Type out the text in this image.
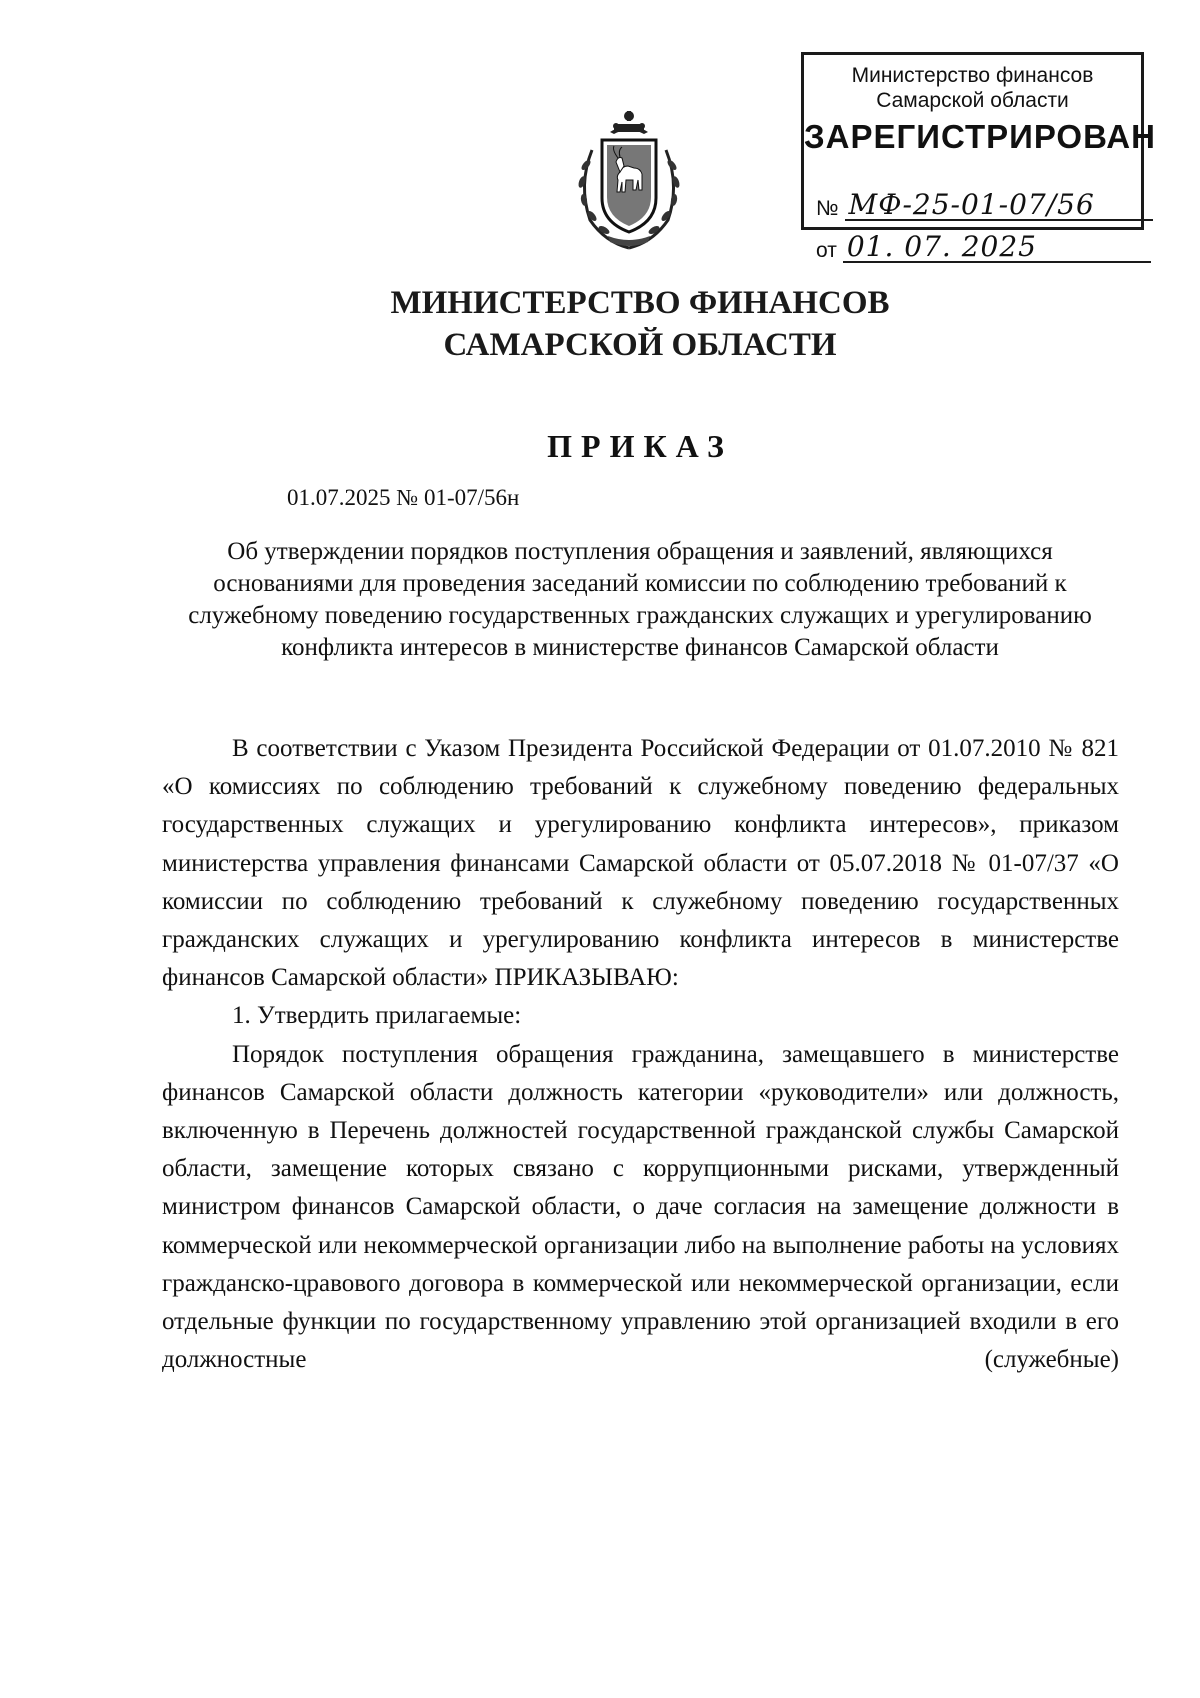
Министерство финансов
Самарской области
ЗАРЕГИСТРИРОВАН
№ МФ-25-01-07/56
от 01. 07. 2025
МИНИСТЕРСТВО ФИНАНСОВ
САМАРСКОЙ ОБЛАСТИ
ПРИКАЗ
01.07.2025 № 01-07/56н
Об утверждении порядков поступления обращения и заявлений, являющихся основаниями для проведения заседаний комиссии по соблюдению требований к служебному поведению государственных гражданских служащих и урегулированию конфликта интересов в министерстве финансов Самарской области

В соответствии с Указом Президента Российской Федерации от 01.07.2010 № 821 «О комиссиях по соблюдению требований к служебному поведению федеральных государственных служащих и урегулированию конфликта интересов», приказом министерства управления финансами Самарской области от 05.07.2018 № 01-07/37 «О комиссии по соблюдению требований к служебному поведению государственных гражданских служащих и урегулированию конфликта интересов в министерстве финансов Самарской области» ПРИКАЗЫВАЮ:

1. Утвердить прилагаемые:

Порядок поступления обращения гражданина, замещавшего в министерстве финансов Самарской области должность категории «руководители» или должность, включенную в Перечень должностей государственной гражданской службы Самарской области, замещение которых связано с коррупционными рисками, утвержденный министром финансов Самарской области, о даче согласия на замещение должности в коммерческой или некоммерческой организации либо на выполнение работы на условиях гражданско-цравового договора в коммерческой или некоммерческой организации, если отдельные функции по государственному управлению этой организацией входили в его должностные (служебные)
